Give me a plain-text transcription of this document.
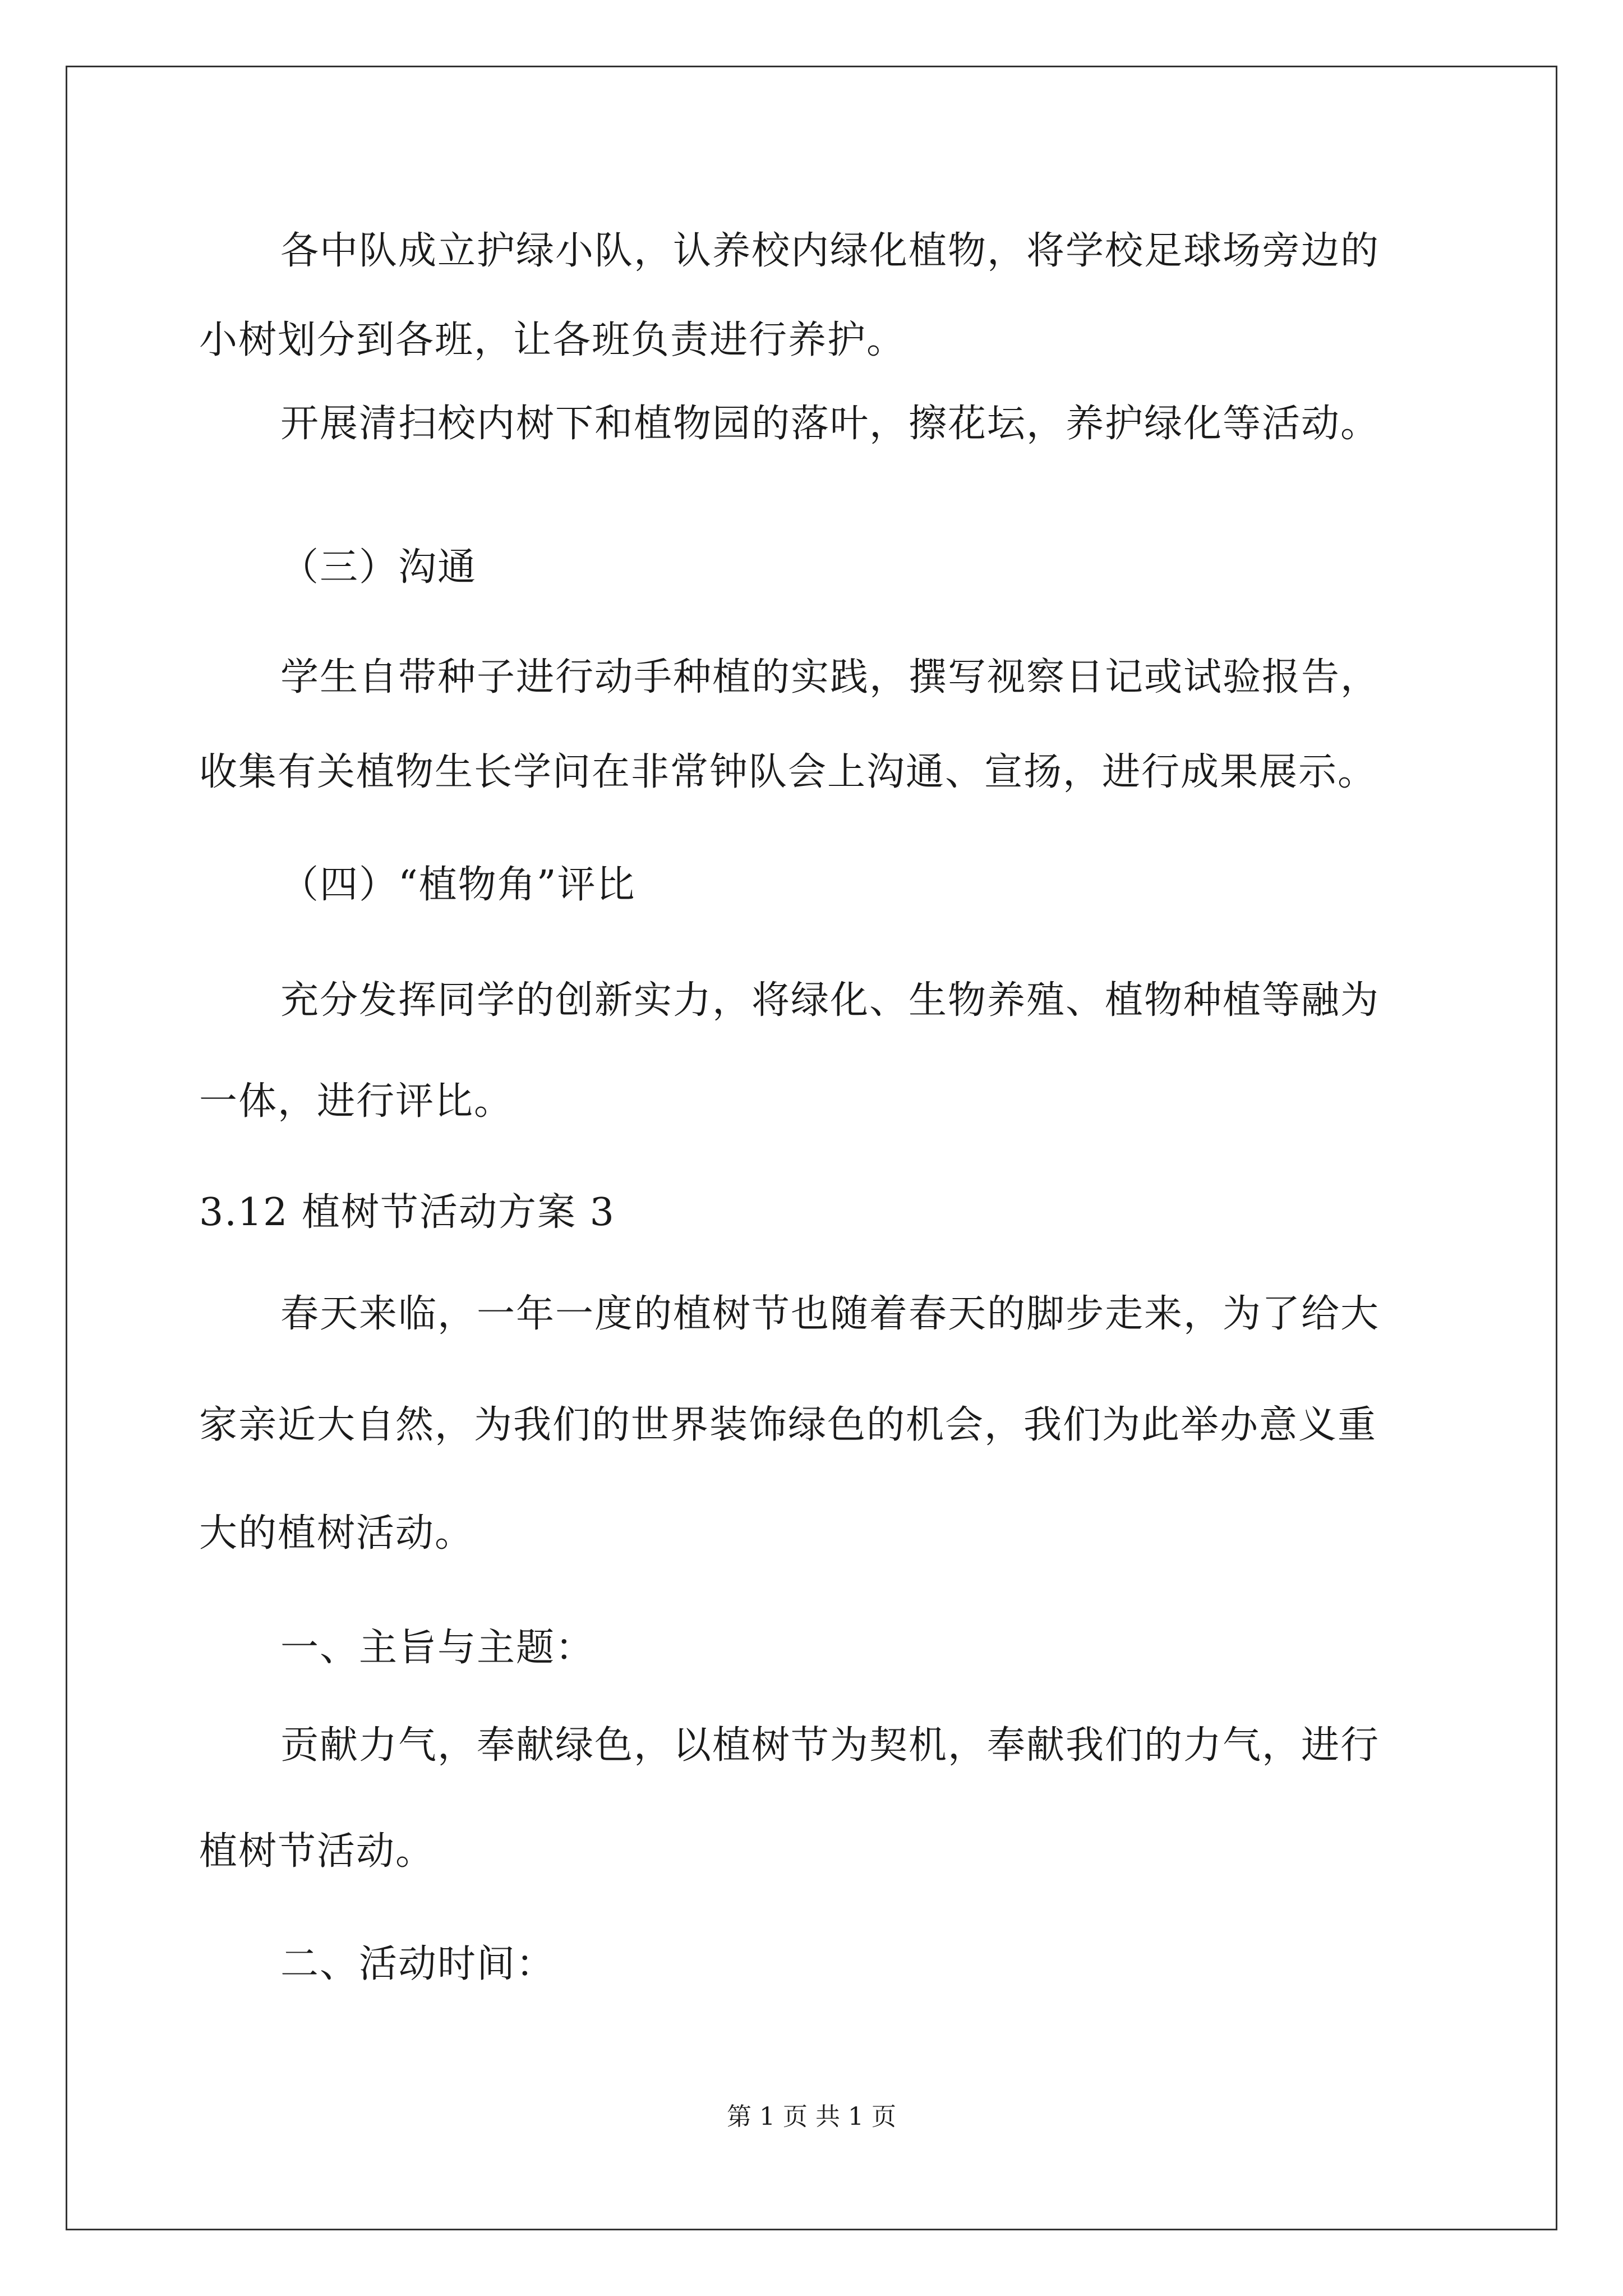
各中队成立护绿小队，认养校内绿化植物，将学校足球场旁边的
小树划分到各班，让各班负责进行养护。
开展清扫校内树下和植物园的落叶，擦花坛，养护绿化等活动。
（三）沟通
学生自带种子进行动手种植的实践，撰写视察日记或试验报告，
收集有关植物生长学问在非常钟队会上沟通、宣扬，进行成果展示。
（四）“植物角”评比
充分发挥同学的创新实力，将绿化、生物养殖、植物种植等融为
一体，进行评比。
3.12 植树节活动方案 3
春天来临，一年一度的植树节也随着春天的脚步走来，为了给大
家亲近大自然，为我们的世界装饰绿色的机会，我们为此举办意义重
大的植树活动。
一、主旨与主题：
贡献力气，奉献绿色，以植树节为契机，奉献我们的力气，进行
植树节活动。
二、活动时间：
第 1 页 共 1 页
